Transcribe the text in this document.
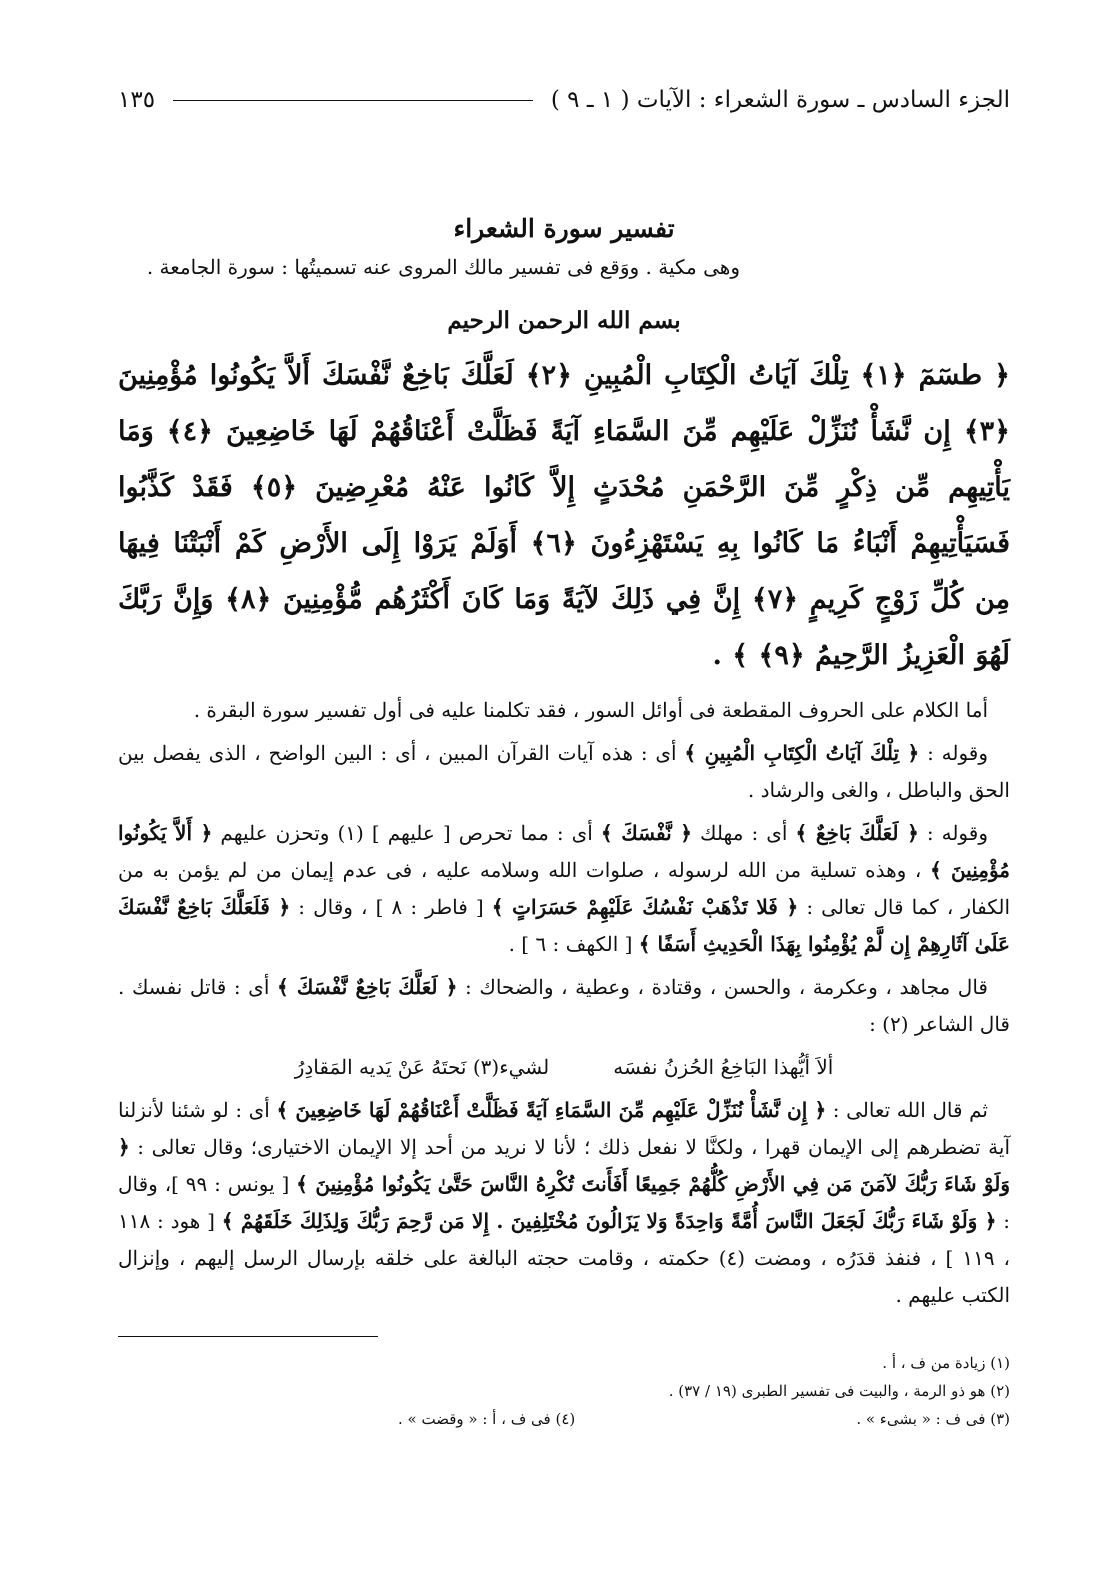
الجزء السادس ـ سورة الشعراء : الآيات ( ١ ـ ٩ )
١٣٥
تفسير سورة الشعراء
وهى مكية . ووَقع فى تفسير مالك المروى عنه تسميتُها : سورة الجامعة .
بسم الله الرحمن الرحيم
﴿ طسٓمٓ ﴿١﴾ تِلْكَ آيَاتُ الْكِتَابِ الْمُبِينِ ﴿٢﴾ لَعَلَّكَ بَاخِعٌ نَّفْسَكَ أَلاَّ يَكُونُوا مُؤْمِنِينَ ﴿٣﴾ إِن نَّشَأْ نُنَزِّلْ عَلَيْهِم مِّنَ السَّمَاءِ آيَةً فَظَلَّتْ أَعْنَاقُهُمْ لَهَا خَاضِعِينَ ﴿٤﴾ وَمَا يَأْتِيهِم مِّن ذِكْرٍ مِّنَ الرَّحْمَنِ مُحْدَثٍ إِلاَّ كَانُوا عَنْهُ مُعْرِضِينَ ﴿٥﴾ فَقَدْ كَذَّبُوا فَسَيَأْتِيهِمْ أَنْبَاءُ مَا كَانُوا بِهِ يَسْتَهْزِءُونَ ﴿٦﴾ أَوَلَمْ يَرَوْا إِلَى الأَرْضِ كَمْ أَنْبَتْنَا فِيهَا مِن كُلِّ زَوْجٍ كَرِيمٍ ﴿٧﴾ إِنَّ فِي ذَلِكَ لآيَةً وَمَا كَانَ أَكْثَرُهُم مُّؤْمِنِينَ ﴿٨﴾ وَإِنَّ رَبَّكَ لَهُوَ الْعَزِيزُ الرَّحِيمُ ﴿٩﴾ ﴾ .

أما الكلام على الحروف المقطعة فى أوائل السور ، فقد تكلمنا عليه فى أول تفسير سورة البقرة .

وقوله : ﴿ تِلْكَ آيَاتُ الْكِتَابِ الْمُبِينِ ﴾ أى : هذه آيات القرآن المبين ، أى : البين الواضح ، الذى يفصل بين الحق والباطل ، والغى والرشاد .

وقوله : ﴿ لَعَلَّكَ بَاخِعٌ ﴾ أى : مهلك ﴿ نَّفْسَكَ ﴾ أى : مما تحرص [ عليهم ] (١) وتحزن عليهم ﴿ أَلاَّ يَكُونُوا مُؤْمِنِينَ ﴾ ، وهذه تسلية من الله لرسوله ، صلوات الله وسلامه عليه ، فى عدم إيمان من لم يؤمن به من الكفار ، كما قال تعالى : ﴿ فَلا تَذْهَبْ نَفْسُكَ عَلَيْهِمْ حَسَرَاتٍ ﴾ [ فاطر : ٨ ] ، وقال : ﴿ فَلَعَلَّكَ بَاخِعٌ نَّفْسَكَ عَلَىٰ آثَارِهِمْ إِن لَّمْ يُؤْمِنُوا بِهَذَا الْحَدِيثِ أَسَفًا ﴾ [ الكهف : ٦ ] .

قال مجاهد ، وعكرمة ، والحسن ، وقتادة ، وعطية ، والضحاك : ﴿ لَعَلَّكَ بَاخِعٌ نَّفْسَكَ ﴾ أى : قاتل نفسك . قال الشاعر (٢) :

ألاَ أيُّهذا البَاخِعُ الحُزنُ نفسَه
لشيء(٣) نَحتَهُ عَنْ يَديه المَقادِرُ

ثم قال الله تعالى : ﴿ إِن نَّشَأْ نُنَزِّلْ عَلَيْهِم مِّنَ السَّمَاءِ آيَةً فَظَلَّتْ أَعْنَاقُهُمْ لَهَا خَاضِعِينَ ﴾ أى : لو شئنا لأنزلنا آية تضطرهم إلى الإيمان قهرا ، ولكنَّا لا نفعل ذلك ؛ لأنا لا نريد من أحد إلا الإيمان الاختيارى؛ وقال تعالى : ﴿ وَلَوْ شَاءَ رَبُّكَ لآمَنَ مَن فِي الأَرْضِ كُلُّهُمْ جَمِيعًا أَفَأَنتَ تُكْرِهُ النَّاسَ حَتَّىٰ يَكُونُوا مُؤْمِنِينَ ﴾ [ يونس : ٩٩ ]، وقال : ﴿ وَلَوْ شَاءَ رَبُّكَ لَجَعَلَ النَّاسَ أُمَّةً وَاحِدَةً وَلا يَزَالُونَ مُخْتَلِفِينَ . إِلا مَن رَّحِمَ رَبُّكَ وَلِذَلِكَ خَلَقَهُمْ ﴾ [ هود : ١١٨ ، ١١٩ ] ، فنفذ قدَرُه ، ومضت (٤) حكمته ، وقامت حجته البالغة على خلقه بإرسال الرسل إليهم ، وإنزال الكتب عليهم .

(١) زيادة من ف ، أ .

(٢) هو ذو الرمة ، والبيت فى تفسير الطبرى (١٩ / ٣٧) .

(٣) فى ف : « بشىء » .

(٤) فى ف ، أ : « وقضت » .
